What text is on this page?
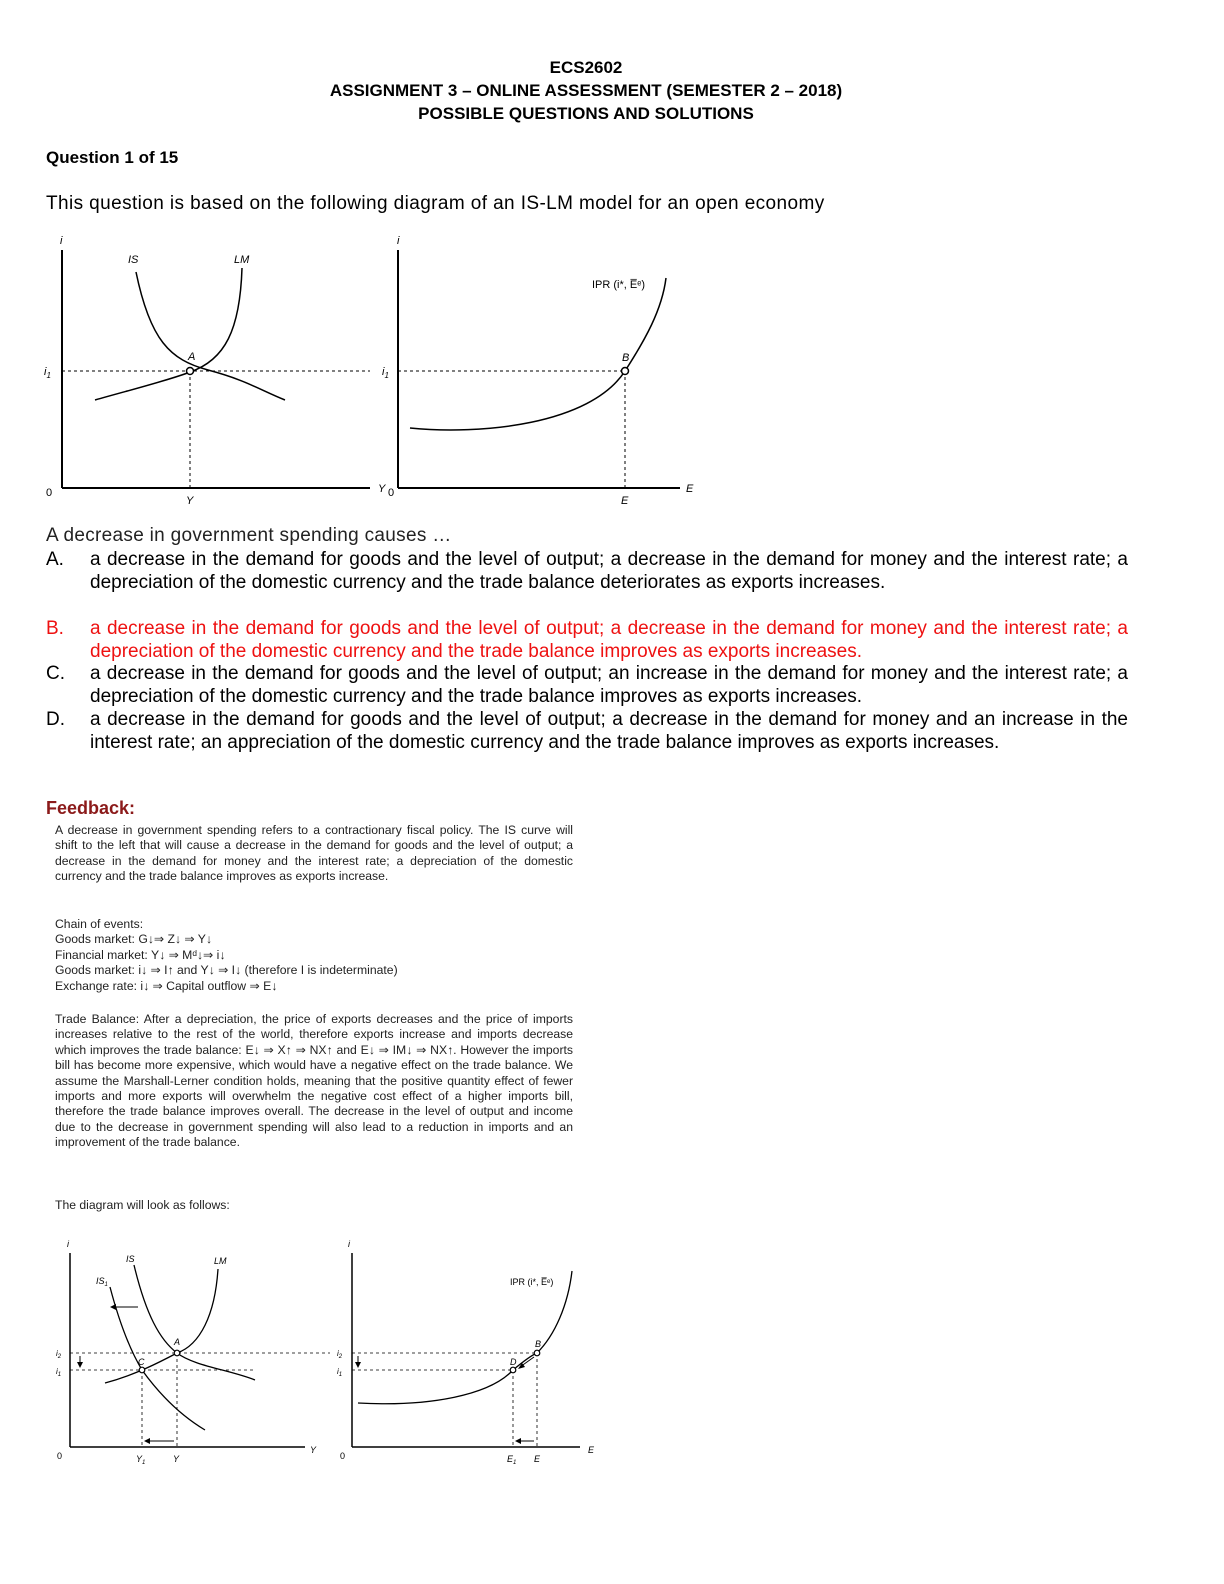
ECS2602
ASSIGNMENT 3 – ONLINE ASSESSMENT (SEMESTER 2 – 2018)
POSSIBLE QUESTIONS AND SOLUTIONS
Question 1 of 15
This question is based on the following diagram of an IS-LM model for an open economy
i
Y
0
IS	LM
A
$i_1$
Y
i
E
0
IPR (i*, E̅ᵉ)
B
$i_1$
E
A decrease in government spending causes …
A. a decrease in the demand for goods and the level of output; a decrease in the demand for money and the interest rate; a depreciation of the domestic currency and the trade balance deteriorates as exports increases.
B. a decrease in the demand for goods and the level of output; a decrease in the demand for money and the interest rate; a depreciation of the domestic currency and the trade balance improves as exports increases.
C. a decrease in the demand for goods and the level of output; an increase in the demand for money and the interest rate; a depreciation of the domestic currency and the trade balance improves as exports increases.
D. a decrease in the demand for goods and the level of output; a decrease in the demand for money and an increase in the interest rate; an appreciation of the domestic currency and the trade balance improves as exports increases.
Feedback:
A decrease in government spending refers to a contractionary fiscal policy. The IS curve will shift to the left that will cause a decrease in the demand for goods and the level of output; a decrease in the demand for money and the interest rate; a depreciation of the domestic currency and the trade balance improves as exports increase.

Chain of events:

Goods market: G↓⇒ Z↓ ⇒ Y↓

Financial market: Y↓ ⇒ Mᵈ↓⇒ i↓

Goods market: i↓ ⇒ I↑ and Y↓ ⇒ I↓ (therefore I is indeterminate)

Exchange rate: i↓ ⇒ Capital outflow ⇒ E↓

Trade Balance: After a depreciation, the price of exports decreases and the price of imports increases relative to the rest of the world, therefore exports increase and imports decrease which improves the trade balance: E↓ ⇒ X↑ ⇒ NX↑ and E↓ ⇒ IM↓ ⇒ NX↑. However the imports bill has become more expensive, which would have a negative effect on the trade balance. We assume the Marshall-Lerner condition holds, meaning that the positive quantity effect of fewer imports and more exports will overwhelm the negative cost effect of a higher imports bill, therefore the trade balance improves overall. The decrease in the level of output and income due to the decrease in government spending will also lead to a reduction in imports and an improvement of the trade balance.
The diagram will look as follows:
i
Y
0
IS
$IS_1$
LM
A
C
$i_2$
$i_1$
$Y_1$	Y
i
E
0
IPR (i*, E̅ᵉ)
B
D
$i_2$
$i_1$
$E_1$ E
